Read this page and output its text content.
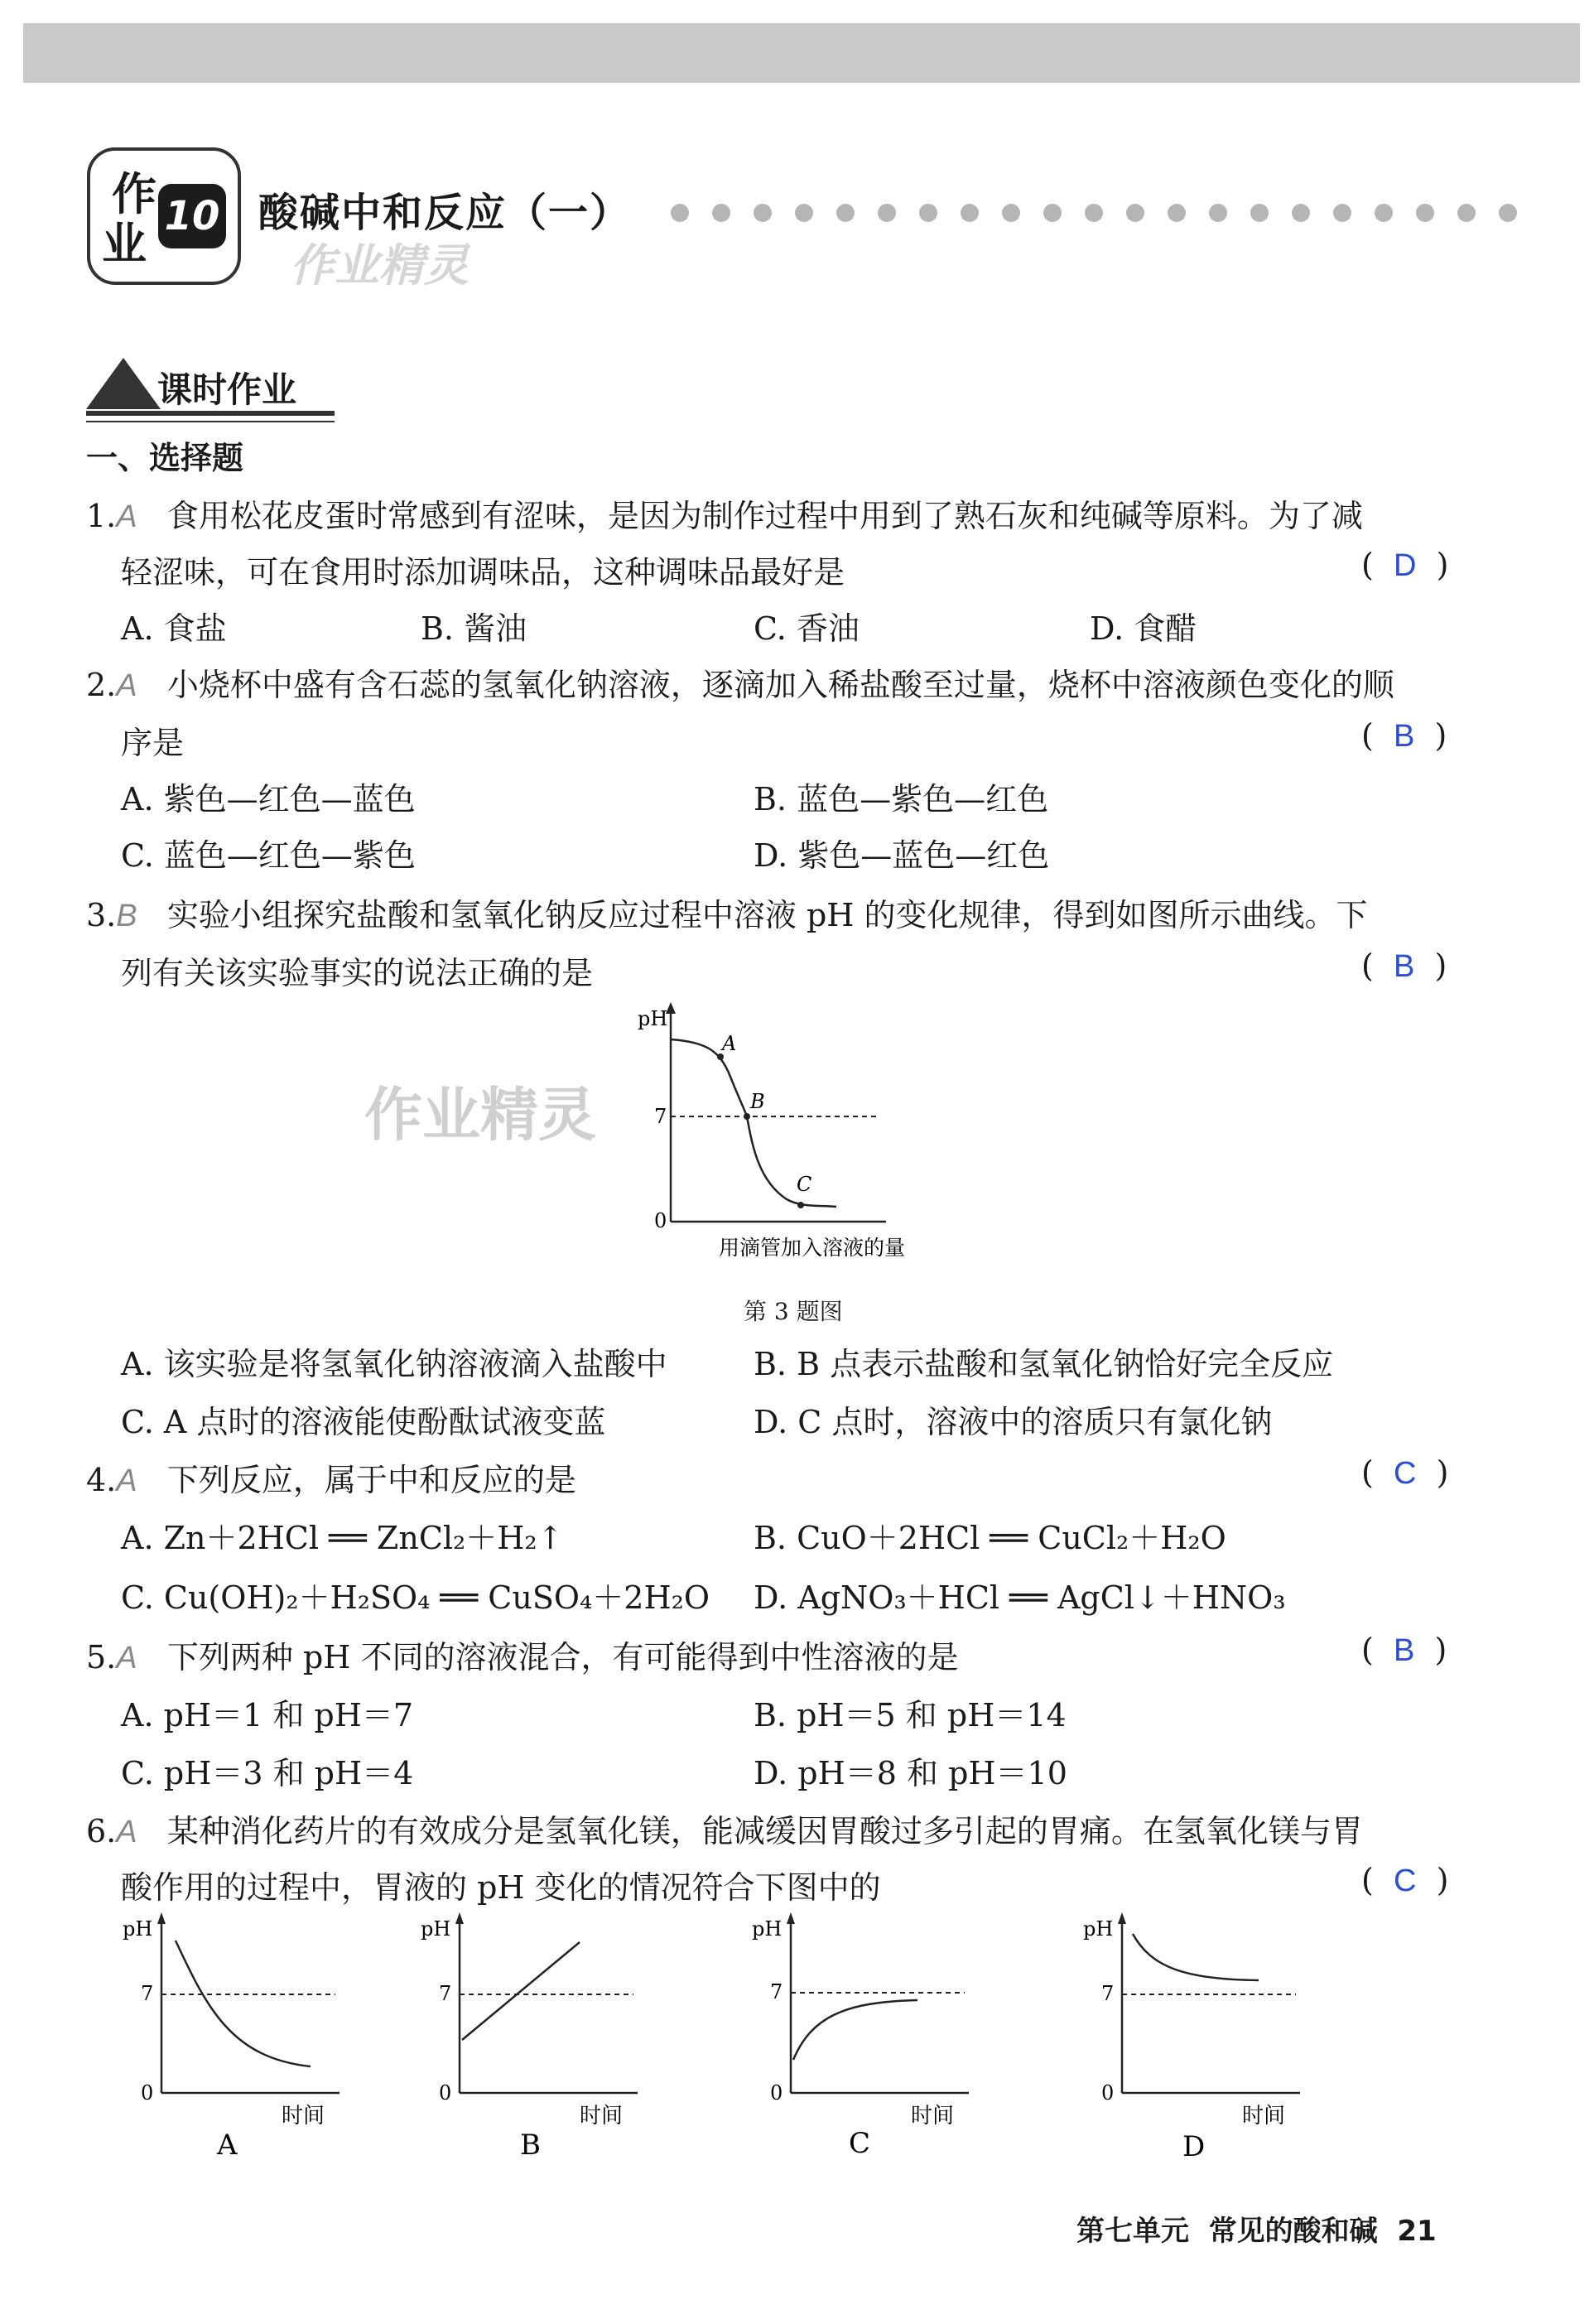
作
业
10 酸碱中和反应（一）
作业精灵
课时作业
一、选择题
1.A 食用松花皮蛋时常感到有涩味，是因为制作过程中用到了熟石灰和纯碱等原料。为了减
轻涩味，可在食用时添加调味品，这种调味品最好是	(  D  )
A. 食盐	B. 酱油	C. 香油	D. 食醋
2.A 小烧杯中盛有含石蕊的氢氧化钠溶液，逐滴加入稀盐酸至过量，烧杯中溶液颜色变化的顺
序是	(  B  )
A. 紫色—红色—蓝色	B. 蓝色—紫色—红色
C. 蓝色—红色—紫色	D. 紫色—蓝色—红色
3.B 实验小组探究盐酸和氢氧化钠反应过程中溶液 pH 的变化规律，得到如图所示曲线。下
列有关该实验事实的说法正确的是	(  B  )
作业精灵
pH
7
0
A
B
C
用滴管加入溶液的量
第 3 题图
A. 该实验是将氢氧化钠溶液滴入盐酸中	B. B 点表示盐酸和氢氧化钠恰好完全反应
C. A 点时的溶液能使酚酞试液变蓝	D. C 点时，溶液中的溶质只有氯化钠
4.A 下列反应，属于中和反应的是	(  C  )
A. Zn＋2HCl ══ ZnCl₂＋H₂↑	B. CuO＋2HCl ══ CuCl₂＋H₂O
C. Cu(OH)₂＋H₂SO₄ ══ CuSO₄＋2H₂O D. AgNO₃＋HCl ══ AgCl↓＋HNO₃
5.A 下列两种 pH 不同的溶液混合，有可能得到中性溶液的是	(  B  )
A. pH＝1 和 pH＝7	B. pH＝5 和 pH＝14
C. pH＝3 和 pH＝4	D. pH＝8 和 pH＝10
6.A 某种消化药片的有效成分是氢氧化镁，能减缓因胃酸过多引起的胃痛。在氢氧化镁与胃
酸作用的过程中，胃液的 pH 变化的情况符合下图中的	(  C  )
pH
7
0
时间
A
pH
7
0
时间
B
pH
7
0
时间
C
pH
7
0
时间
D
第七单元 常见的酸和碱 21
